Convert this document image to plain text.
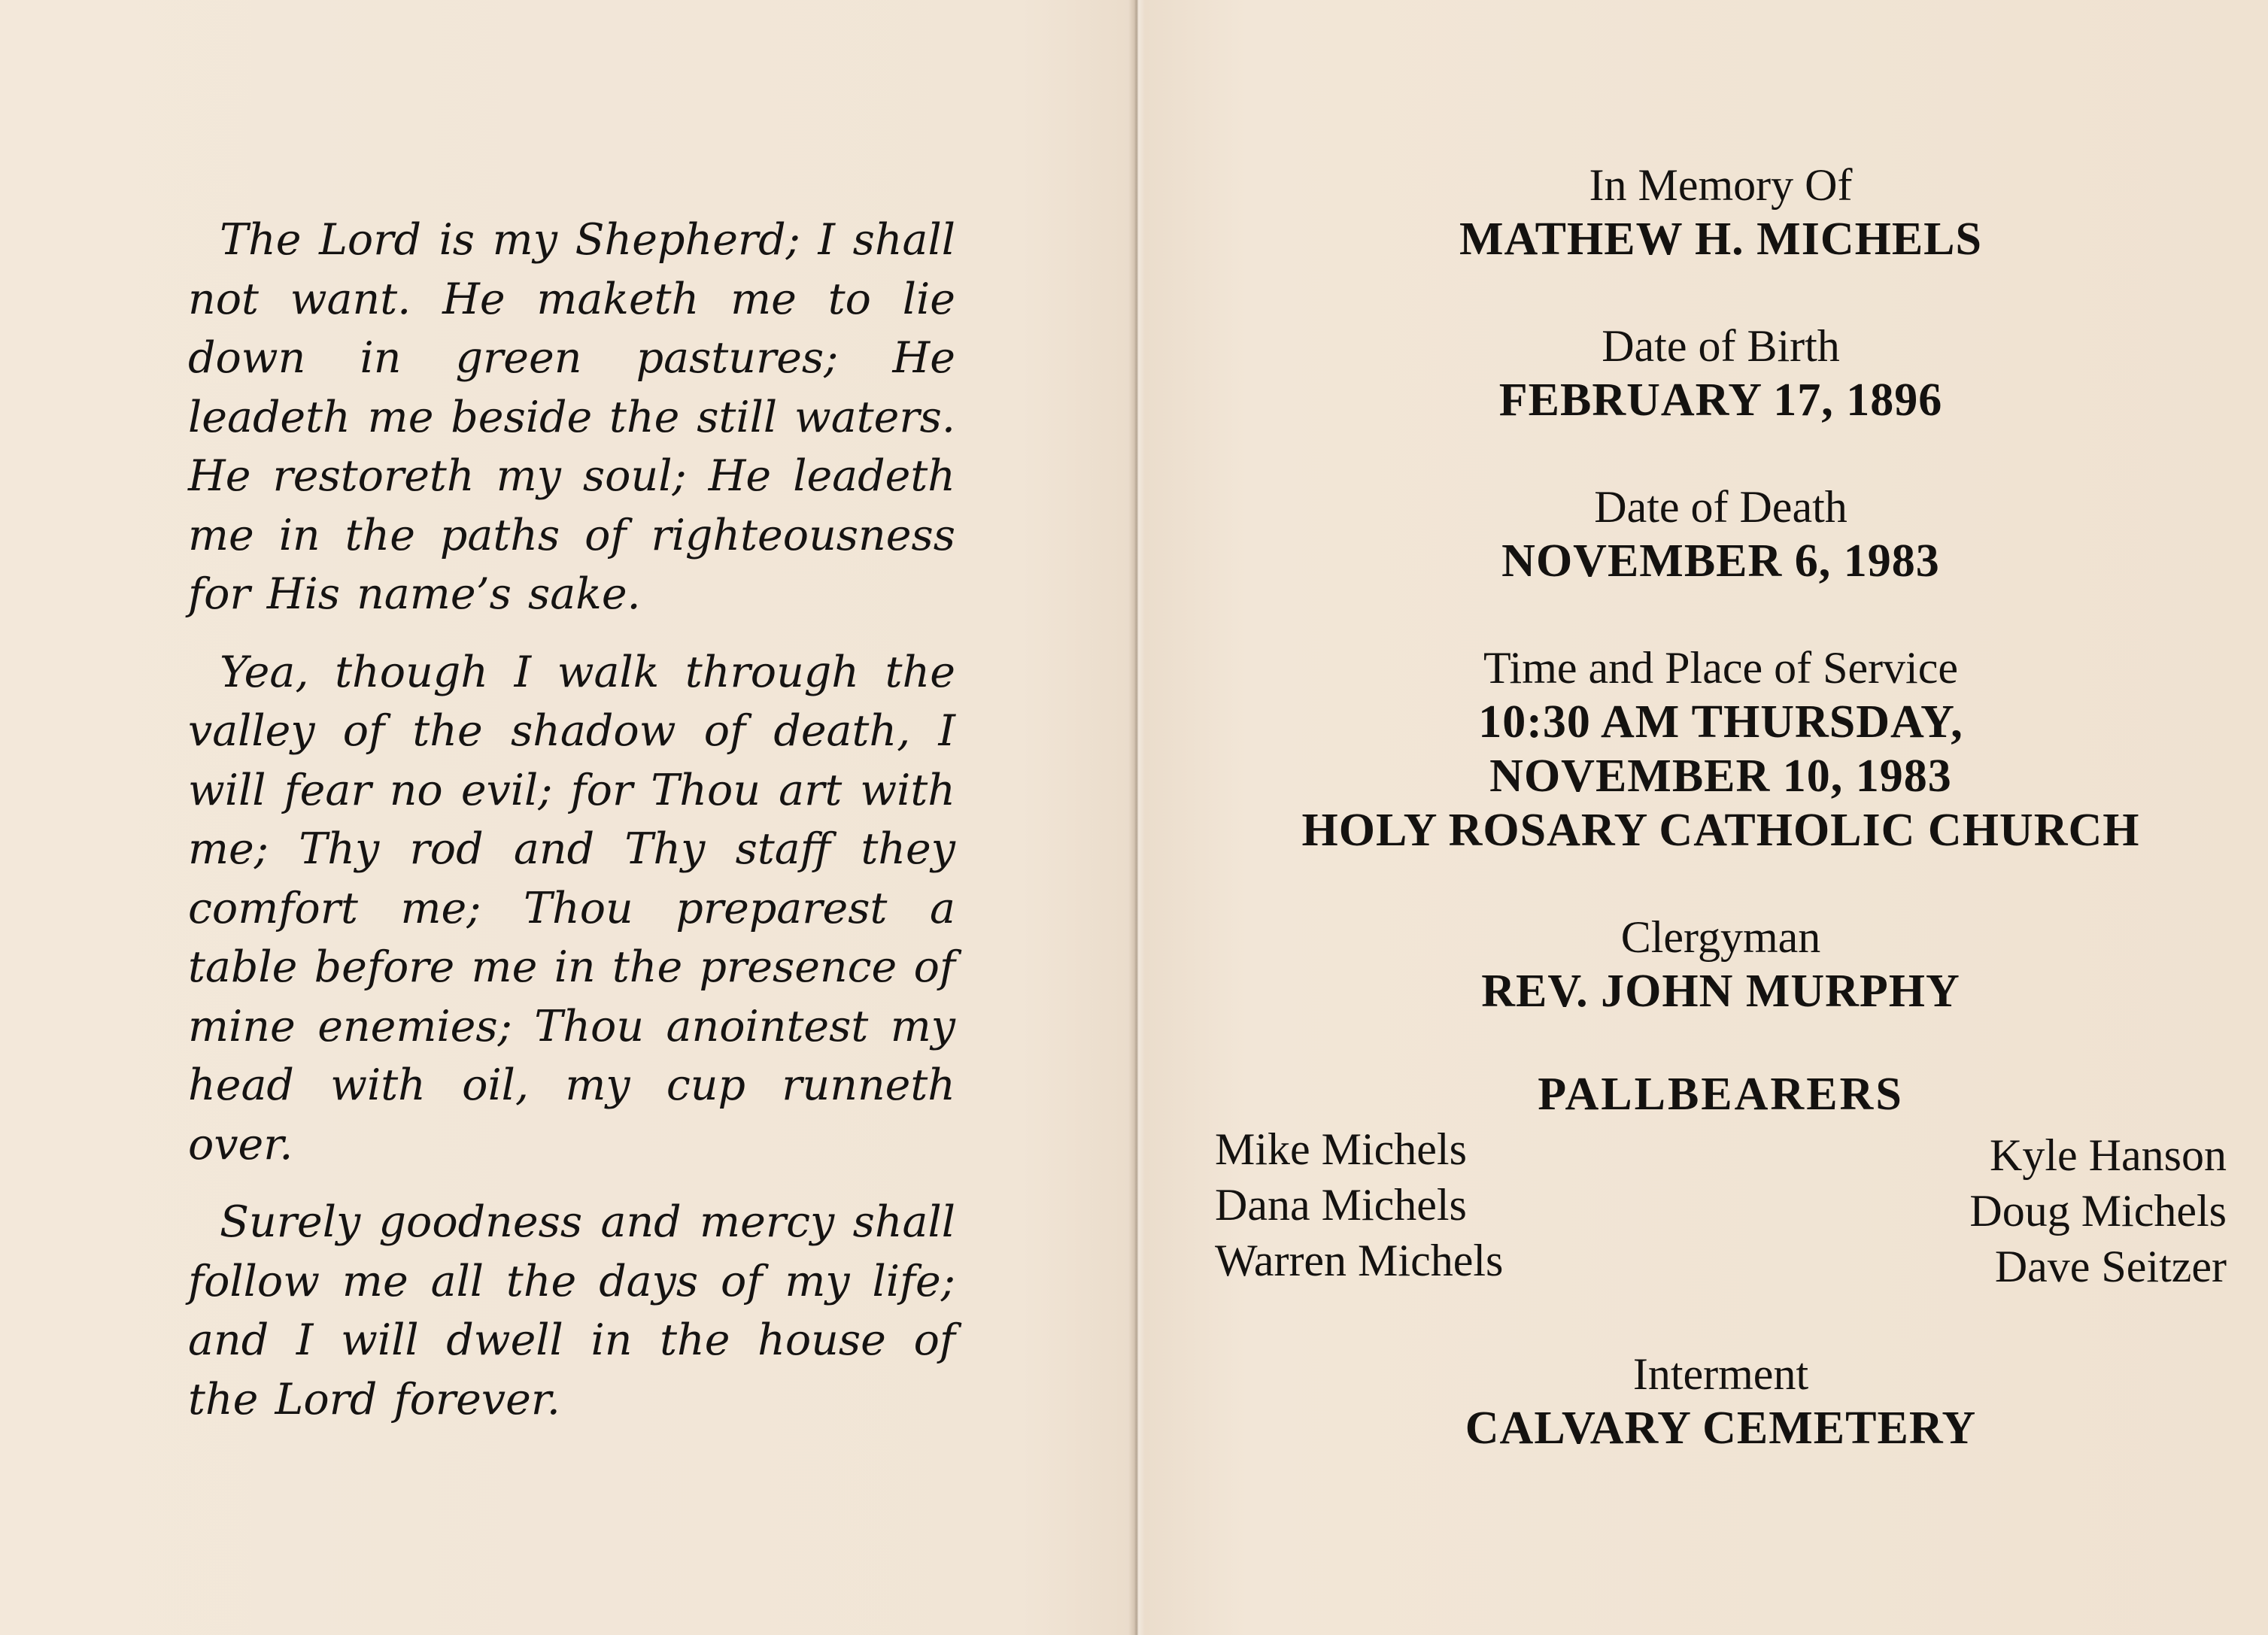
The Lord is my Shepherd; I shall not want. He maketh me to lie down in green pastures; He leadeth me beside the still waters. He restoreth my soul; He leadeth me in the paths of righteousness for His name’s sake.

Yea, though I walk through the valley of the shadow of death, I will fear no evil; for Thou art with me; Thy rod and Thy staff they comfort me; Thou preparest a table before me in the presence of mine enemies; Thou anointest my head with oil, my cup runneth over.

Surely goodness and mercy shall follow me all the days of my life; and I will dwell in the house of the Lord forever.

In Memory Of
MATHEW H. MICHELS
Date of Birth
FEBRUARY 17, 1896
Date of Death
NOVEMBER 6, 1983
Time and Place of Service
10:30 AM THURSDAY,
NOVEMBER 10, 1983
HOLY ROSARY CATHOLIC CHURCH
Clergyman
REV. JOHN MURPHY
PALLBEARERS
Mike Michels
Dana Michels
Warren Michels
Kyle Hanson
Doug Michels
Dave Seitzer
Interment
CALVARY CEMETERY
